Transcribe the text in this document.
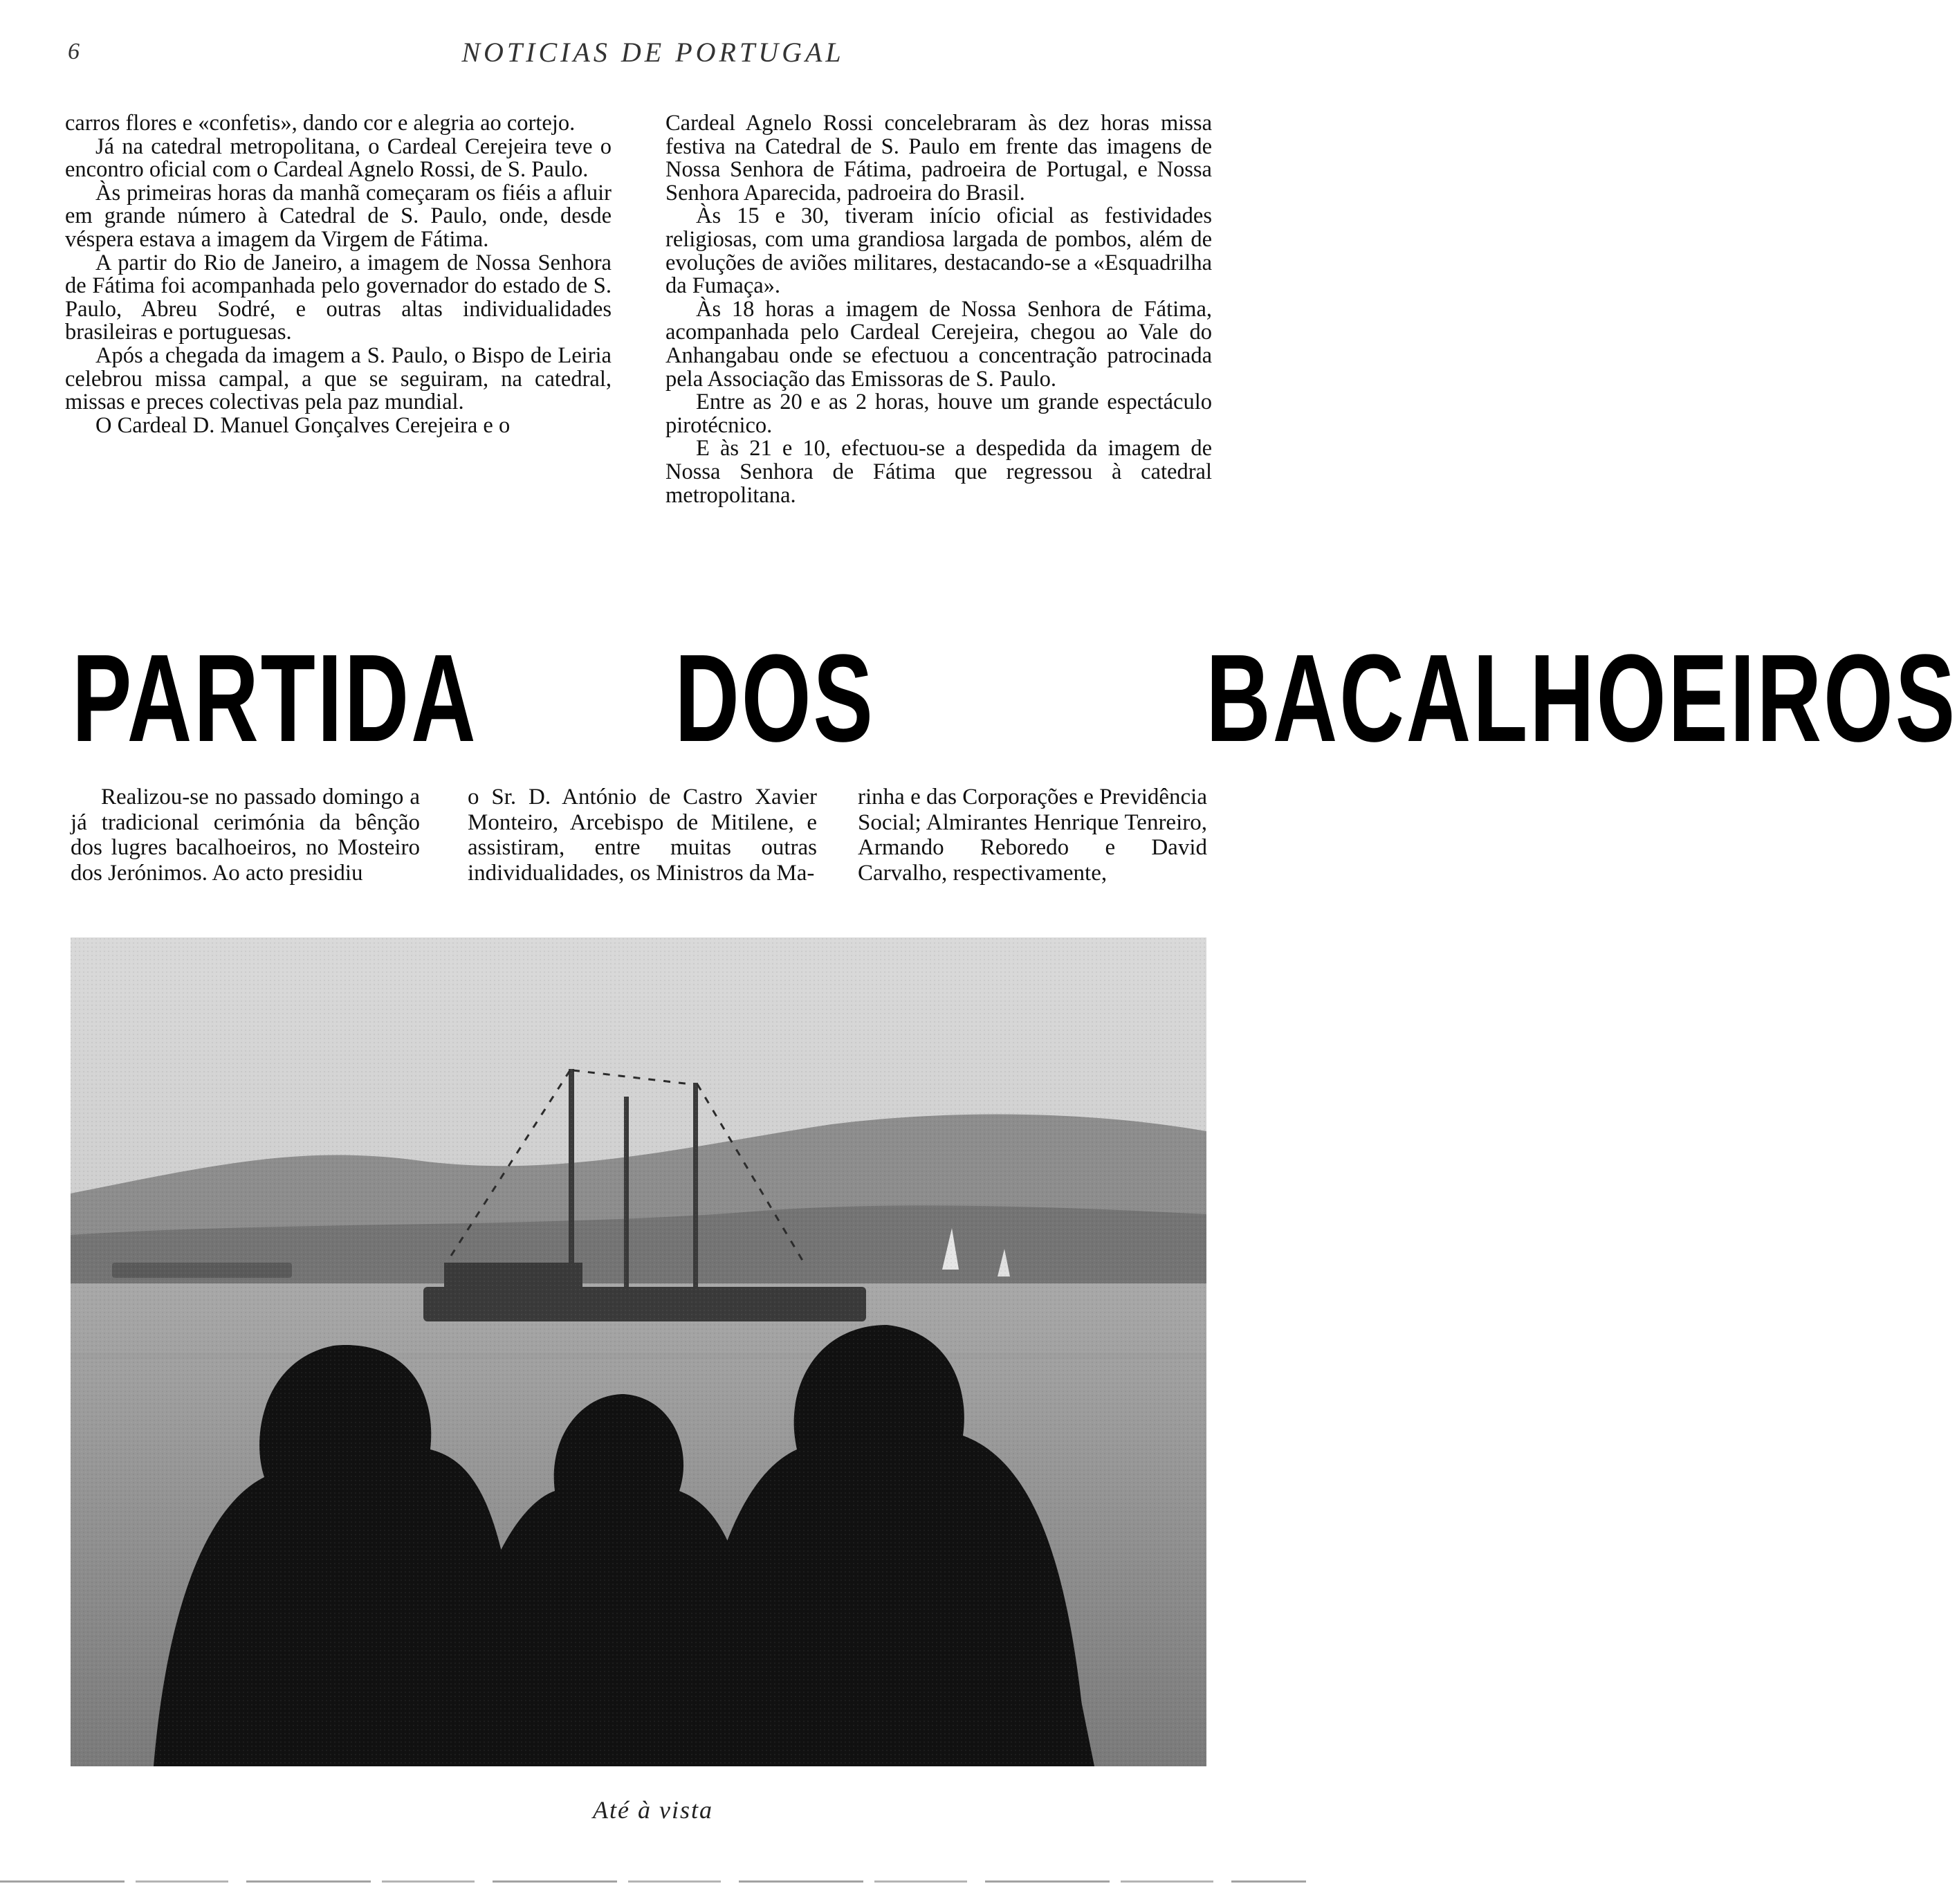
6	NOTICIAS DE PORTUGAL

carros flores e «confetis», dando cor e alegria ao cortejo.

Já na catedral metropolitana, o Cardeal Cerejeira teve o encontro oficial com o Cardeal Agnelo Rossi, de S. Paulo.

Às primeiras horas da manhã começaram os fiéis a afluir em grande número à Catedral de S. Paulo, onde, desde véspera estava a imagem da Virgem de Fátima.

A partir do Rio de Janeiro, a imagem de Nossa Senhora de Fátima foi acompanhada pelo governador do estado de S. Paulo, Abreu Sodré, e outras altas individualidades brasileiras e portuguesas.

Após a chegada da imagem a S. Paulo, o Bispo de Leiria celebrou missa campal, a que se seguiram, na catedral, missas e preces colectivas pela paz mundial.

O Cardeal D. Manuel Gonçalves Cerejeira e o

Cardeal Agnelo Rossi concelebraram às dez horas missa festiva na Catedral de S. Paulo em frente das imagens de Nossa Senhora de Fátima, padroeira de Portugal, e Nossa Senhora Aparecida, padroeira do Brasil.

Às 15 e 30, tiveram início oficial as festividades religiosas, com uma grandiosa largada de pombos, além de evoluções de aviões militares, destacando-se a «Esquadrilha da Fumaça».

Às 18 horas a imagem de Nossa Senhora de Fátima, acompanhada pelo Cardeal Cerejeira, chegou ao Vale do Anhangabau onde se efectuou a concentração patrocinada pela Associação das Emissoras de S. Paulo.

Entre as 20 e as 2 horas, houve um grande espectáculo pirotécnico.

E às 21 e 10, efectuou-se a despedida da imagem de Nossa Senhora de Fátima que regressou à catedral metropolitana.

PARTIDA DOS	BACALHOEIROS

Realizou-se no passado domingo a já tradicional cerimónia da bênção dos lugres bacalhoeiros, no Mosteiro dos Jerónimos. Ao acto presidiu

o Sr. D. António de Castro Xavier Monteiro, Arcebispo de Mitilene, e assistiram, entre muitas outras individualidades, os Ministros da Ma-

rinha e das Corporações e Previdência Social; Almirantes Henrique Tenreiro, Armando Reboredo e David Carvalho, respectivamente,

Até à vista
